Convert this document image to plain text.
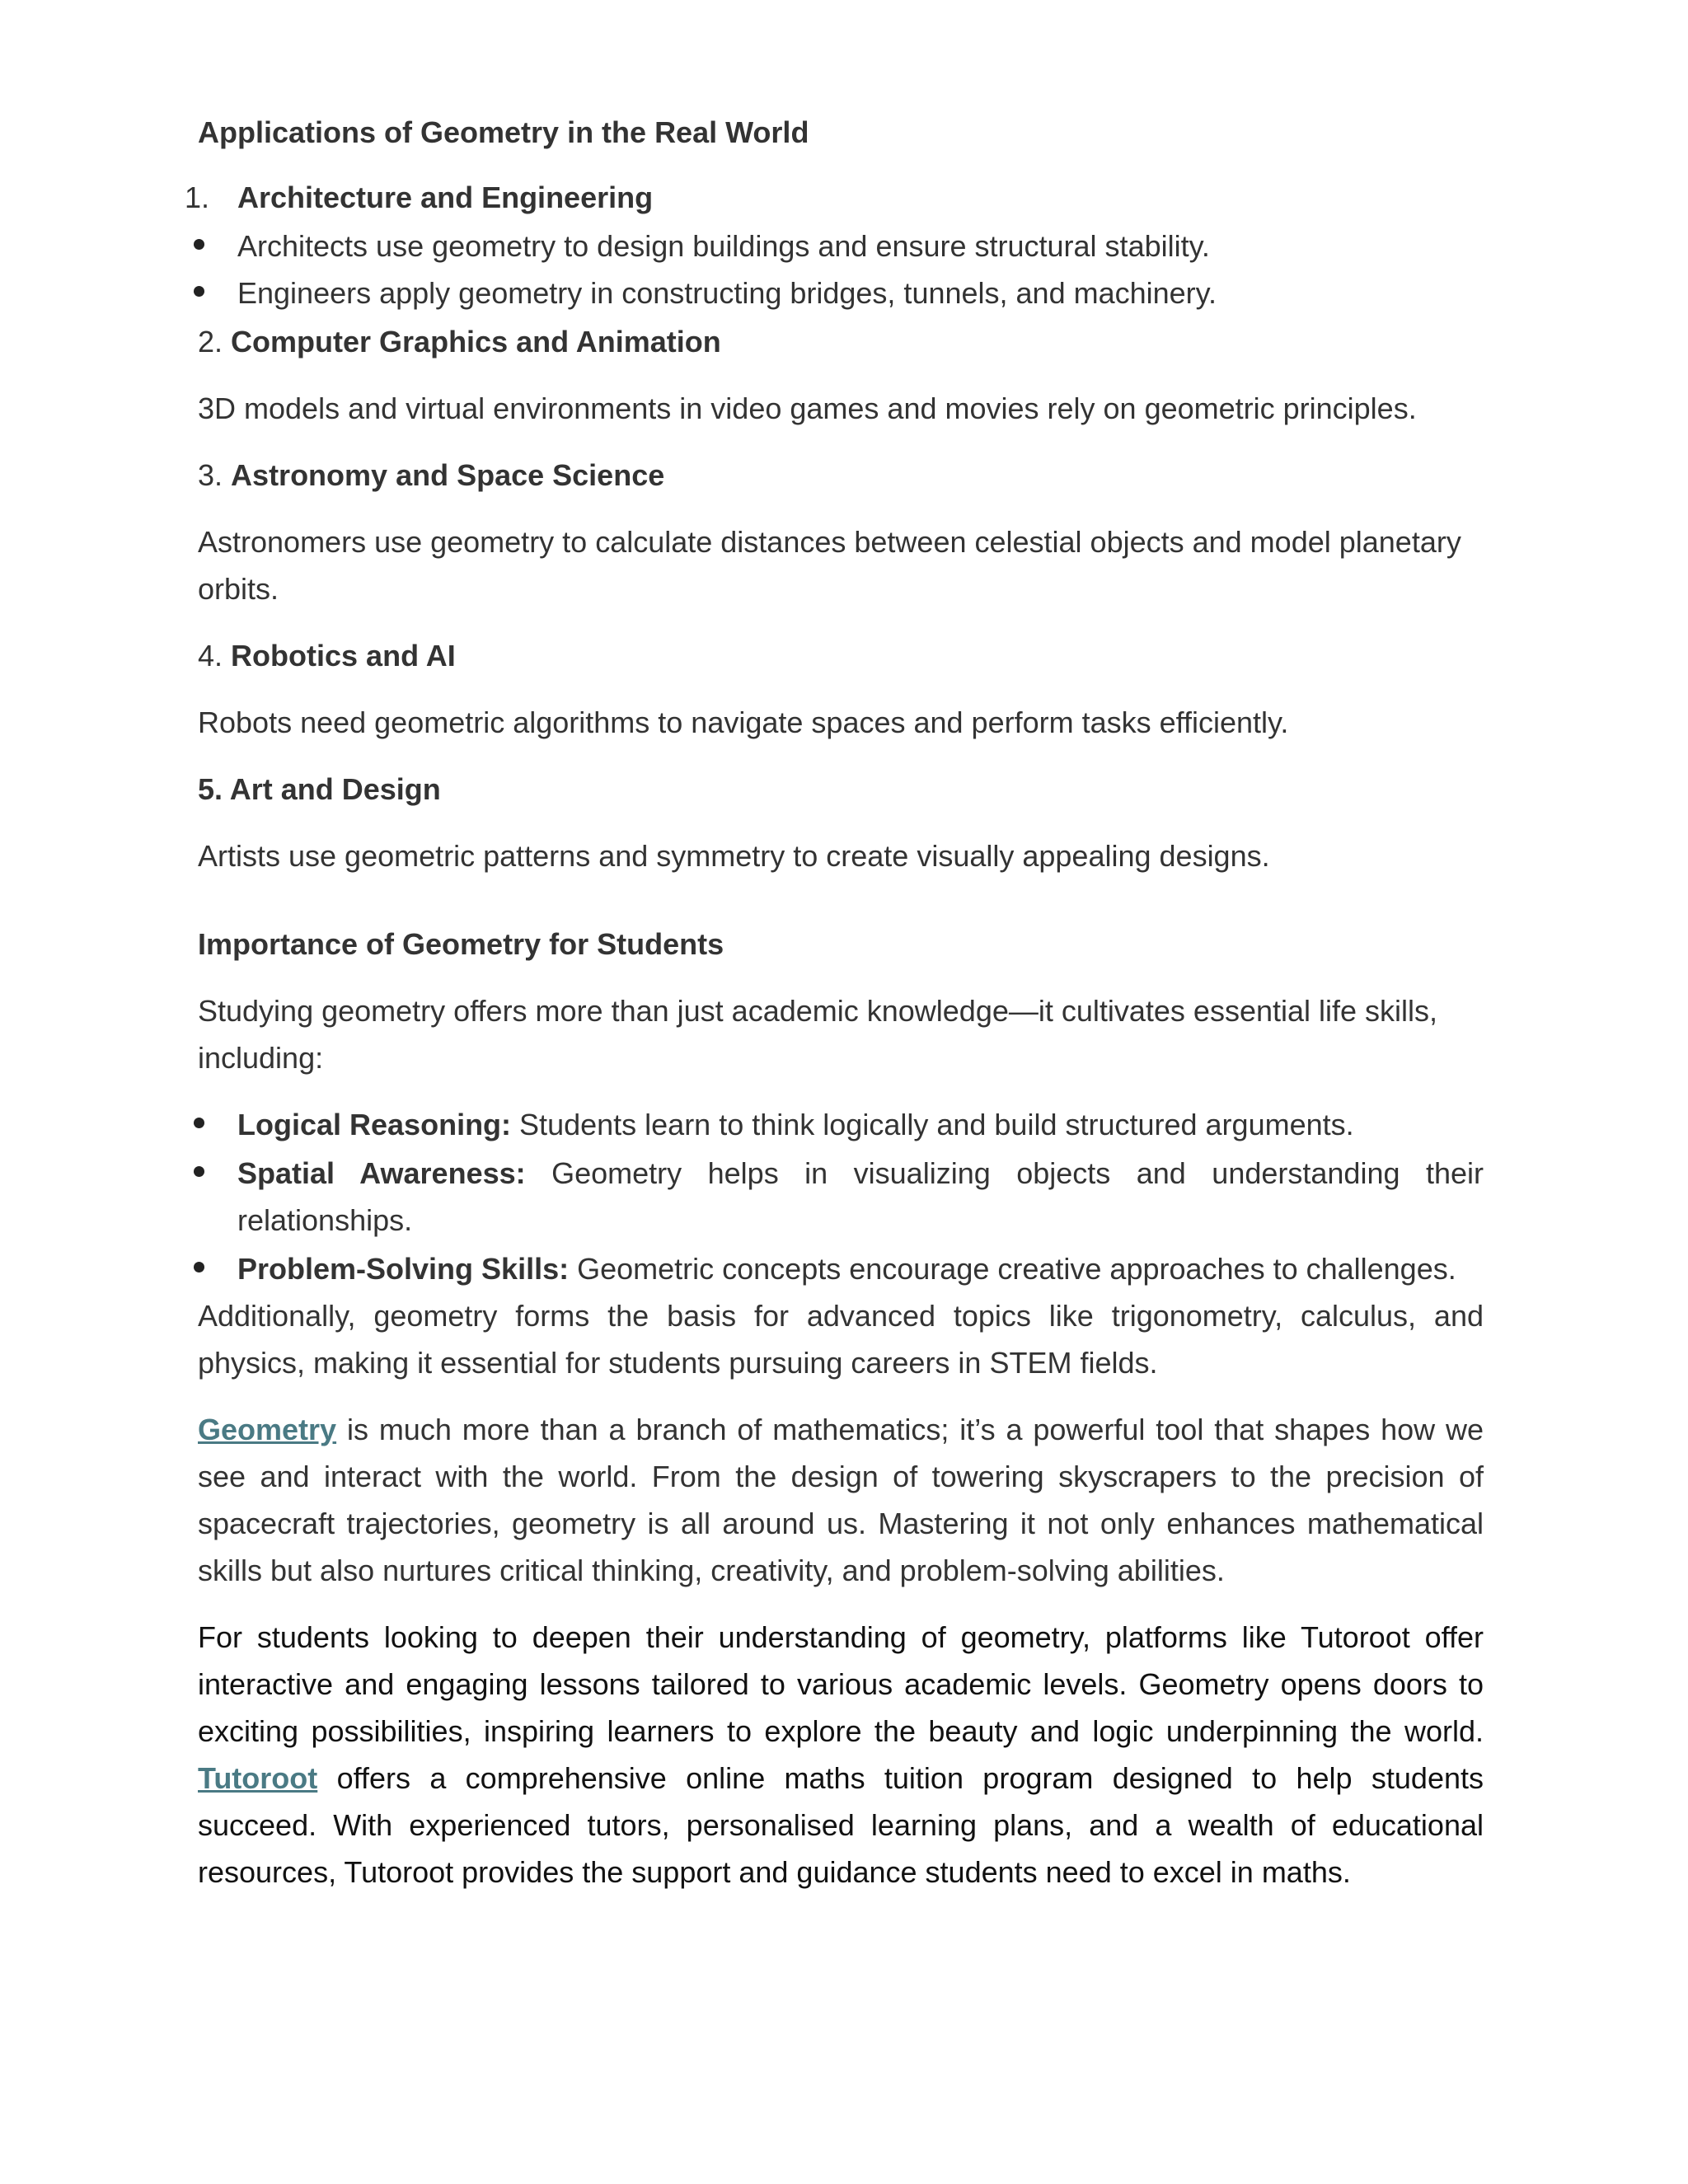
Applications of Geometry in the Real World
1. Architecture and Engineering
Architects use geometry to design buildings and ensure structural stability.
Engineers apply geometry in constructing bridges, tunnels, and machinery.
2. Computer Graphics and Animation
3D models and virtual environments in video games and movies rely on geometric principles.
3. Astronomy and Space Science
Astronomers use geometry to calculate distances between celestial objects and model planetary orbits.
4. Robotics and AI
Robots need geometric algorithms to navigate spaces and perform tasks efficiently.
5. Art and Design
Artists use geometric patterns and symmetry to create visually appealing designs.
Importance of Geometry for Students
Studying geometry offers more than just academic knowledge—it cultivates essential life skills, including:
Logical Reasoning: Students learn to think logically and build structured arguments.
Spatial Awareness: Geometry helps in visualizing objects and understanding their relationships.
Problem-Solving Skills: Geometric concepts encourage creative approaches to challenges.
Additionally, geometry forms the basis for advanced topics like trigonometry, calculus, and physics, making it essential for students pursuing careers in STEM fields.
Geometry is much more than a branch of mathematics; it’s a powerful tool that shapes how we see and interact with the world. From the design of towering skyscrapers to the precision of spacecraft trajectories, geometry is all around us. Mastering it not only enhances mathematical skills but also nurtures critical thinking, creativity, and problem-solving abilities.
For students looking to deepen their understanding of geometry, platforms like Tutoroot offer interactive and engaging lessons tailored to various academic levels. Geometry opens doors to exciting possibilities, inspiring learners to explore the beauty and logic underpinning the world. Tutoroot offers a comprehensive online maths tuition program designed to help students succeed. With experienced tutors, personalised learning plans, and a wealth of educational resources, Tutoroot provides the support and guidance students need to excel in maths.
